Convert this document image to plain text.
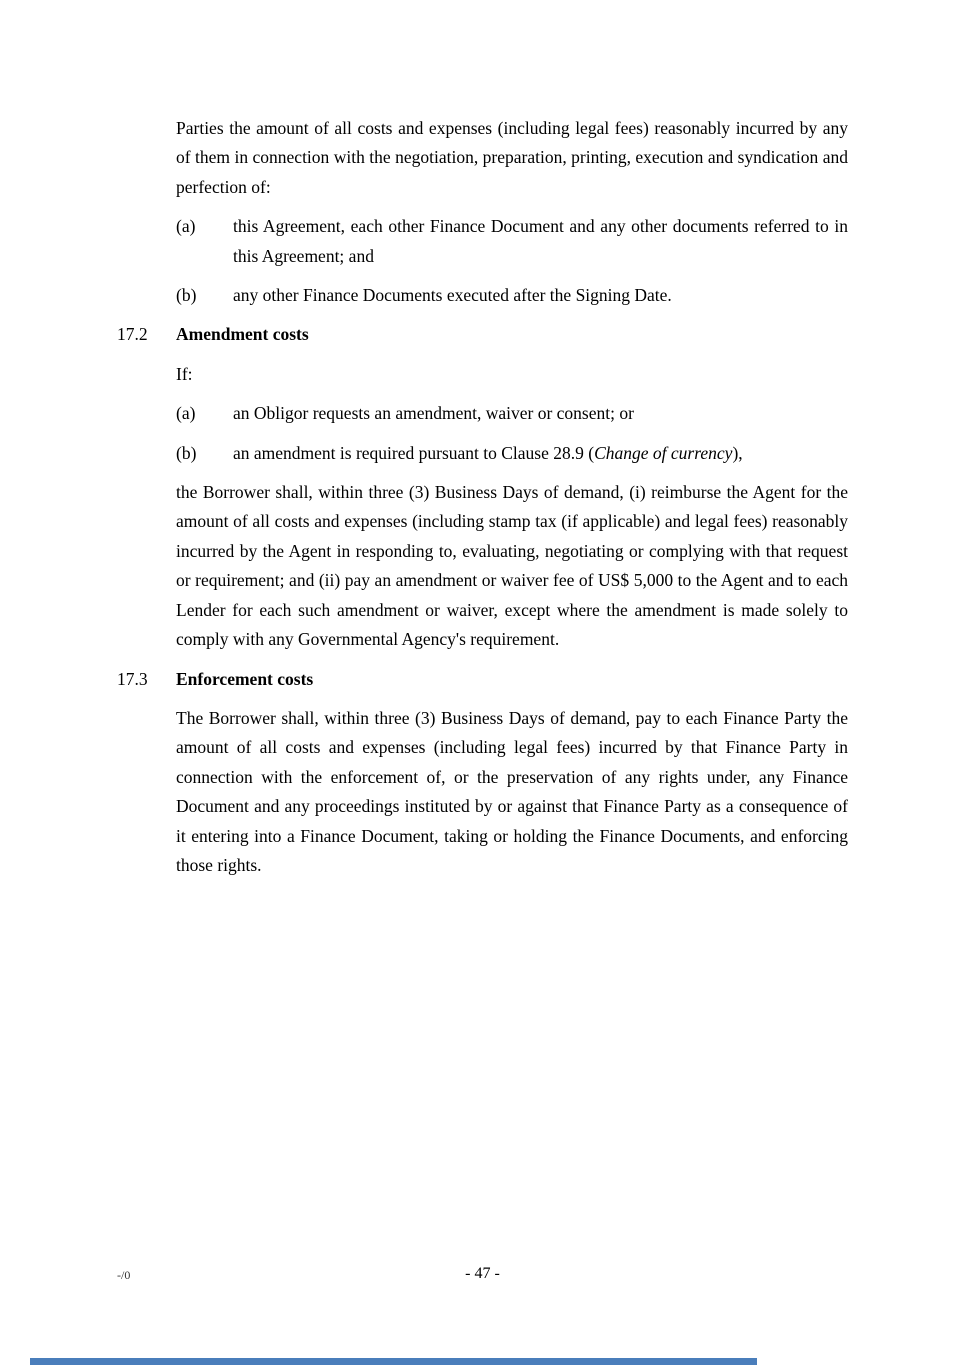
Parties the amount of all costs and expenses (including legal fees) reasonably incurred by any of them in connection with the negotiation, preparation, printing, execution and syndication and perfection of:

(a)	this Agreement, each other Finance Document and any other documents referred to in this Agreement; and
(b)	any other Finance Documents executed after the Signing Date.
17.2	Amendment costs

If:

(a)	an Obligor requests an amendment, waiver or consent; or
(b)	an amendment is required pursuant to Clause 28.9 (Change of currency),

the Borrower shall, within three (3) Business Days of demand, (i) reimburse the Agent for the amount of all costs and expenses (including stamp tax (if applicable) and legal fees) reasonably incurred by the Agent in responding to, evaluating, negotiating or complying with that request or requirement; and (ii) pay an amendment or waiver fee of US$ 5,000 to the Agent and to each Lender for each such amendment or waiver, except where the amendment is made solely to comply with any Governmental Agency's requirement.

17.3	Enforcement costs

The Borrower shall, within three (3) Business Days of demand, pay to each Finance Party the amount of all costs and expenses (including legal fees) incurred by that Finance Party in connection with the enforcement of, or the preservation of any rights under, any Finance Document and any proceedings instituted by or against that Finance Party as a consequence of it entering into a Finance Document, taking or holding the Finance Documents, and enforcing those rights.

-/0	- 47 -
